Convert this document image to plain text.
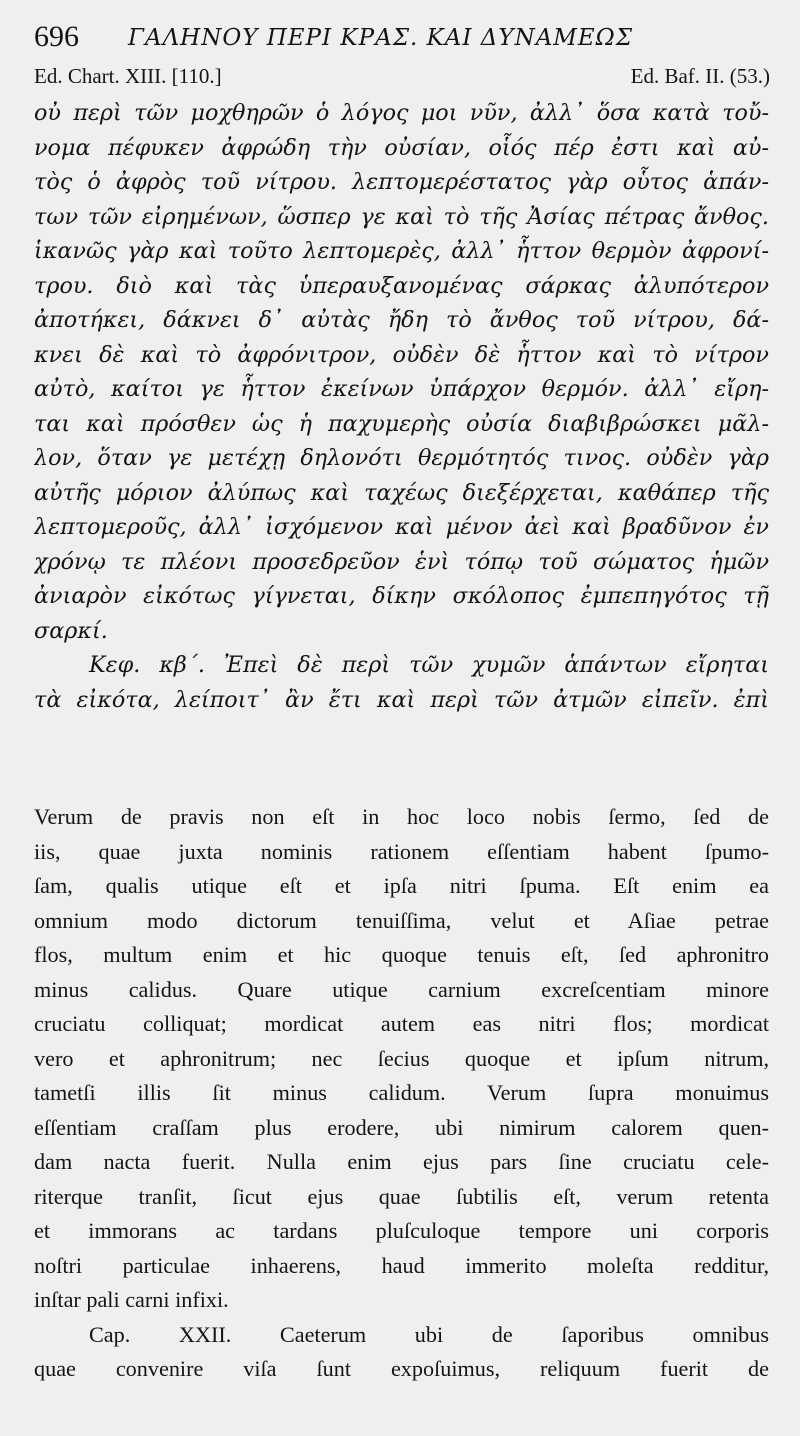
696 ΓΑΛΗΝΟΥ ΠΕΡΙ ΚΡΑΣ. ΚΑΙ ΔΥΝΑΜΕΩΣ
Ed. Chart. XIII. [110.]	Ed. Baf. II. (53.)
οὐ περὶ τῶν μοχθηρῶν ὁ λόγος μοι νῦν, ἀλλ᾽ ὅσα κατὰ τοὔ-
νομα πέφυκεν ἀφρώδη τὴν οὐσίαν, οἷός πέρ ἐστι καὶ αὐ-
τὸς ὁ ἀφρὸς τοῦ νίτρου. λεπτομερέστατος γὰρ οὗτος ἁπάν-
των τῶν εἰρημένων, ὥσπερ γε καὶ τὸ τῆς Ἀσίας πέτρας ἄνθος.
ἱκανῶς γὰρ καὶ τοῦτο λεπτομερὲς, ἀλλ᾽ ἧττον θερμὸν ἀφρονί-
τρου. διὸ καὶ τὰς ὑπεραυξανομένας σάρκας ἀλυπότερον
ἀποτήκει, δάκνει δ᾽ αὐτὰς ἤδη τὸ ἄνθος τοῦ νίτρου, δά-
κνει δὲ καὶ τὸ ἀφρόνιτρον, οὐδὲν δὲ ἧττον καὶ τὸ νίτρον
αὐτὸ, καίτοι γε ἧττον ἐκείνων ὑπάρχον θερμόν. ἀλλ᾽ εἴρη-
ται καὶ πρόσθεν ὡς ἡ παχυμερὴς οὐσία διαβιβρώσκει μᾶλ-
λον, ὅταν γε μετέχῃ δηλονότι θερμότητός τινος. οὐδὲν γὰρ
αὐτῆς μόριον ἀλύπως καὶ ταχέως διεξέρχεται, καθάπερ τῆς
λεπτομεροῦς, ἀλλ᾽ ἰσχόμενον καὶ μένον ἀεὶ καὶ βραδῦνον ἐν
χρόνῳ τε πλέονι προσεδρεῦον ἑνὶ τόπῳ τοῦ σώματος ἡμῶν
ἀνιαρὸν εἰκότως γίγνεται, δίκην σκόλοπος ἐμπεπηγότος τῇ
σαρκί.
Κεφ. κβ΄. Ἐπεὶ δὲ περὶ τῶν χυμῶν ἁπάντων εἴρηται
τὰ εἰκότα, λείποιτ᾽ ἂν ἔτι καὶ περὶ τῶν ἀτμῶν εἰπεῖν. ἐπὶ
Verum de pravis non eſt in hoc loco nobis ſermo, ſed de
iis, quae juxta nominis rationem eſſentiam habent ſpumo-
ſam, qualis utique eſt et ipſa nitri ſpuma. Eſt enim ea
omnium modo dictorum tenuiſſima, velut et Aſiae petrae
flos, multum enim et hic quoque tenuis eſt, ſed aphronitro
minus calidus. Quare utique carnium excreſcentiam minore
cruciatu colliquat; mordicat autem eas nitri flos; mordicat
vero et aphronitrum; nec ſecius quoque et ipſum nitrum,
tametſi illis ſit minus calidum. Verum ſupra monuimus
eſſentiam craſſam plus erodere, ubi nimirum calorem quen-
dam nacta fuerit. Nulla enim ejus pars ſine cruciatu cele-
riterque tranſit, ſicut ejus quae ſubtilis eſt, verum retenta
et immorans ac tardans pluſculoque tempore uni corporis
noſtri particulae inhaerens, haud immerito moleſta redditur,
inſtar pali carni infixi.
Cap. XXII. Caeterum ubi de ſaporibus omnibus
quae convenire viſa ſunt expoſuimus, reliquum fuerit de
